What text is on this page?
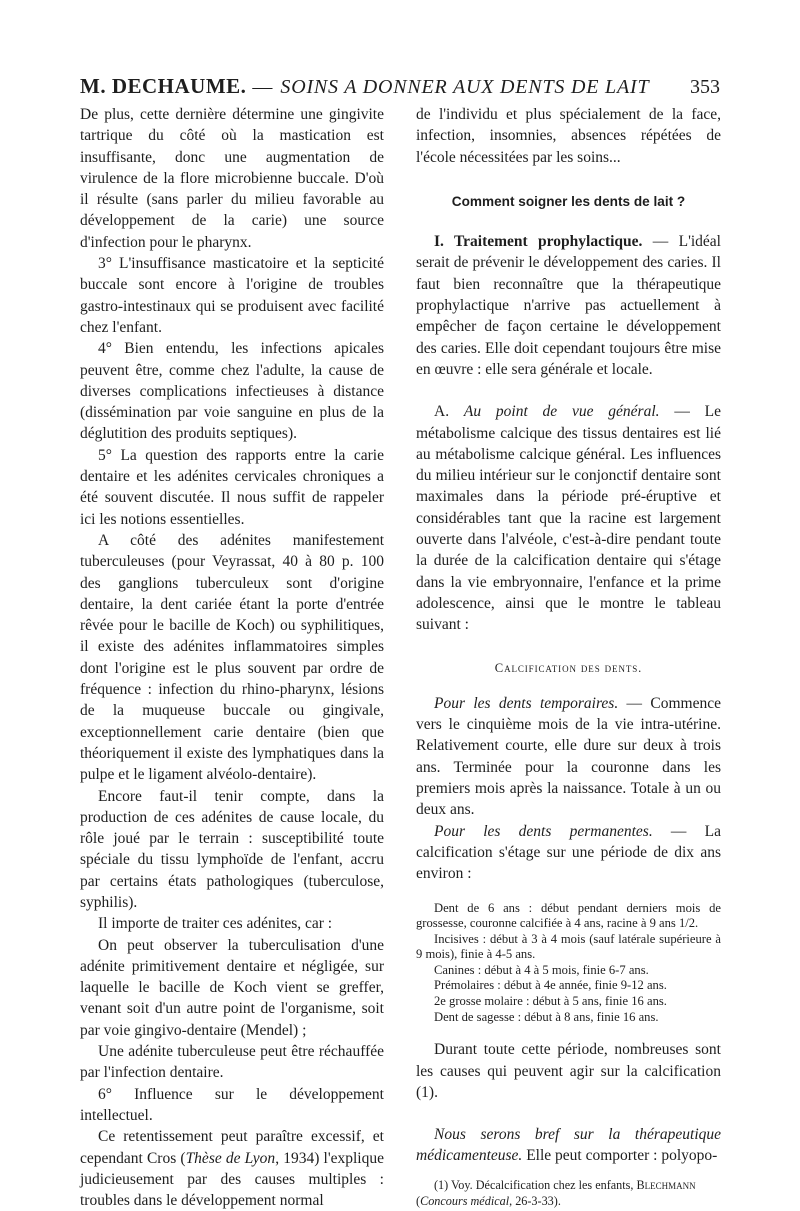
M. DECHAUME. — SOINS A DONNER AUX DENTS DE LAIT 353

De plus, cette dernière détermine une gingivite tartrique du côté où la mastication est insuffisante, donc une augmentation de virulence de la flore microbienne buccale. D'où il résulte (sans parler du milieu favorable au développement de la carie) une source d'infection pour le pharynx.

3° L'insuffisance masticatoire et la septicité buccale sont encore à l'origine de troubles gastro-intestinaux qui se produisent avec facilité chez l'enfant.

4° Bien entendu, les infections apicales peuvent être, comme chez l'adulte, la cause de diverses complications infectieuses à distance (dissémination par voie sanguine en plus de la déglutition des produits septiques).

5° La question des rapports entre la carie dentaire et les adénites cervicales chroniques a été souvent discutée. Il nous suffit de rappeler ici les notions essentielles.

A côté des adénites manifestement tuberculeuses (pour Veyrassat, 40 à 80 p. 100 des ganglions tuberculeux sont d'origine dentaire, la dent cariée étant la porte d'entrée rêvée pour le bacille de Koch) ou syphilitiques, il existe des adénites inflammatoires simples dont l'origine est le plus souvent par ordre de fréquence : infection du rhino-pharynx, lésions de la muqueuse buccale ou gingivale, exceptionnellement carie dentaire (bien que théoriquement il existe des lymphatiques dans la pulpe et le ligament alvéolo-dentaire).

Encore faut-il tenir compte, dans la production de ces adénites de cause locale, du rôle joué par le terrain : susceptibilité toute spéciale du tissu lymphoïde de l'enfant, accru par certains états pathologiques (tuberculose, syphilis).

Il importe de traiter ces adénites, car :

On peut observer la tuberculisation d'une adénite primitivement dentaire et négligée, sur laquelle le bacille de Koch vient se greffer, venant soit d'un autre point de l'organisme, soit par voie gingivo-dentaire (Mendel) ;

Une adénite tuberculeuse peut être réchauffée par l'infection dentaire.

6° Influence sur le développement intellectuel.

Ce retentissement peut paraître excessif, et cependant Cros (Thèse de Lyon, 1934) l'explique judicieusement par des causes multiples : troubles dans le développement normal

de l'individu et plus spécialement de la face, infection, insomnies, absences répétées de l'école nécessitées par les soins...

Comment soigner les dents de lait ?

I. Traitement prophylactique. — L'idéal serait de prévenir le développement des caries. Il faut bien reconnaître que la thérapeutique prophylactique n'arrive pas actuellement à empêcher de façon certaine le développement des caries. Elle doit cependant toujours être mise en œuvre : elle sera générale et locale.

A. Au point de vue général. — Le métabolisme calcique des tissus dentaires est lié au métabolisme calcique général. Les influences du milieu intérieur sur le conjonctif dentaire sont maximales dans la période pré-éruptive et considérables tant que la racine est largement ouverte dans l'alvéole, c'est-à-dire pendant toute la durée de la calcification dentaire qui s'étage dans la vie embryonnaire, l'enfance et la prime adolescence, ainsi que le montre le tableau suivant :

Calcification des dents.

Pour les dents temporaires. — Commence vers le cinquième mois de la vie intra-utérine. Relativement courte, elle dure sur deux à trois ans. Terminée pour la couronne dans les premiers mois après la naissance. Totale à un ou deux ans.

Pour les dents permanentes. — La calcification s'étage sur une période de dix ans environ :

Dent de 6 ans : début pendant derniers mois de grossesse, couronne calcifiée à 4 ans, racine à 9 ans 1/2.
Incisives : début à 3 à 4 mois (sauf latérale supérieure à 9 mois), finie à 4-5 ans.
Canines : début à 4 à 5 mois, finie 6-7 ans.
Prémolaires : début à 4e année, finie 9-12 ans.
2e grosse molaire : début à 5 ans, finie 16 ans.
Dent de sagesse : début à 8 ans, finie 16 ans.

Durant toute cette période, nombreuses sont les causes qui peuvent agir sur la calcification (1).

Nous serons bref sur la thérapeutique médicamenteuse. Elle peut comporter : polyopo-

(1) Voy. Décalcification chez les enfants, Blechmann
(Concours médical, 26-3-33).
